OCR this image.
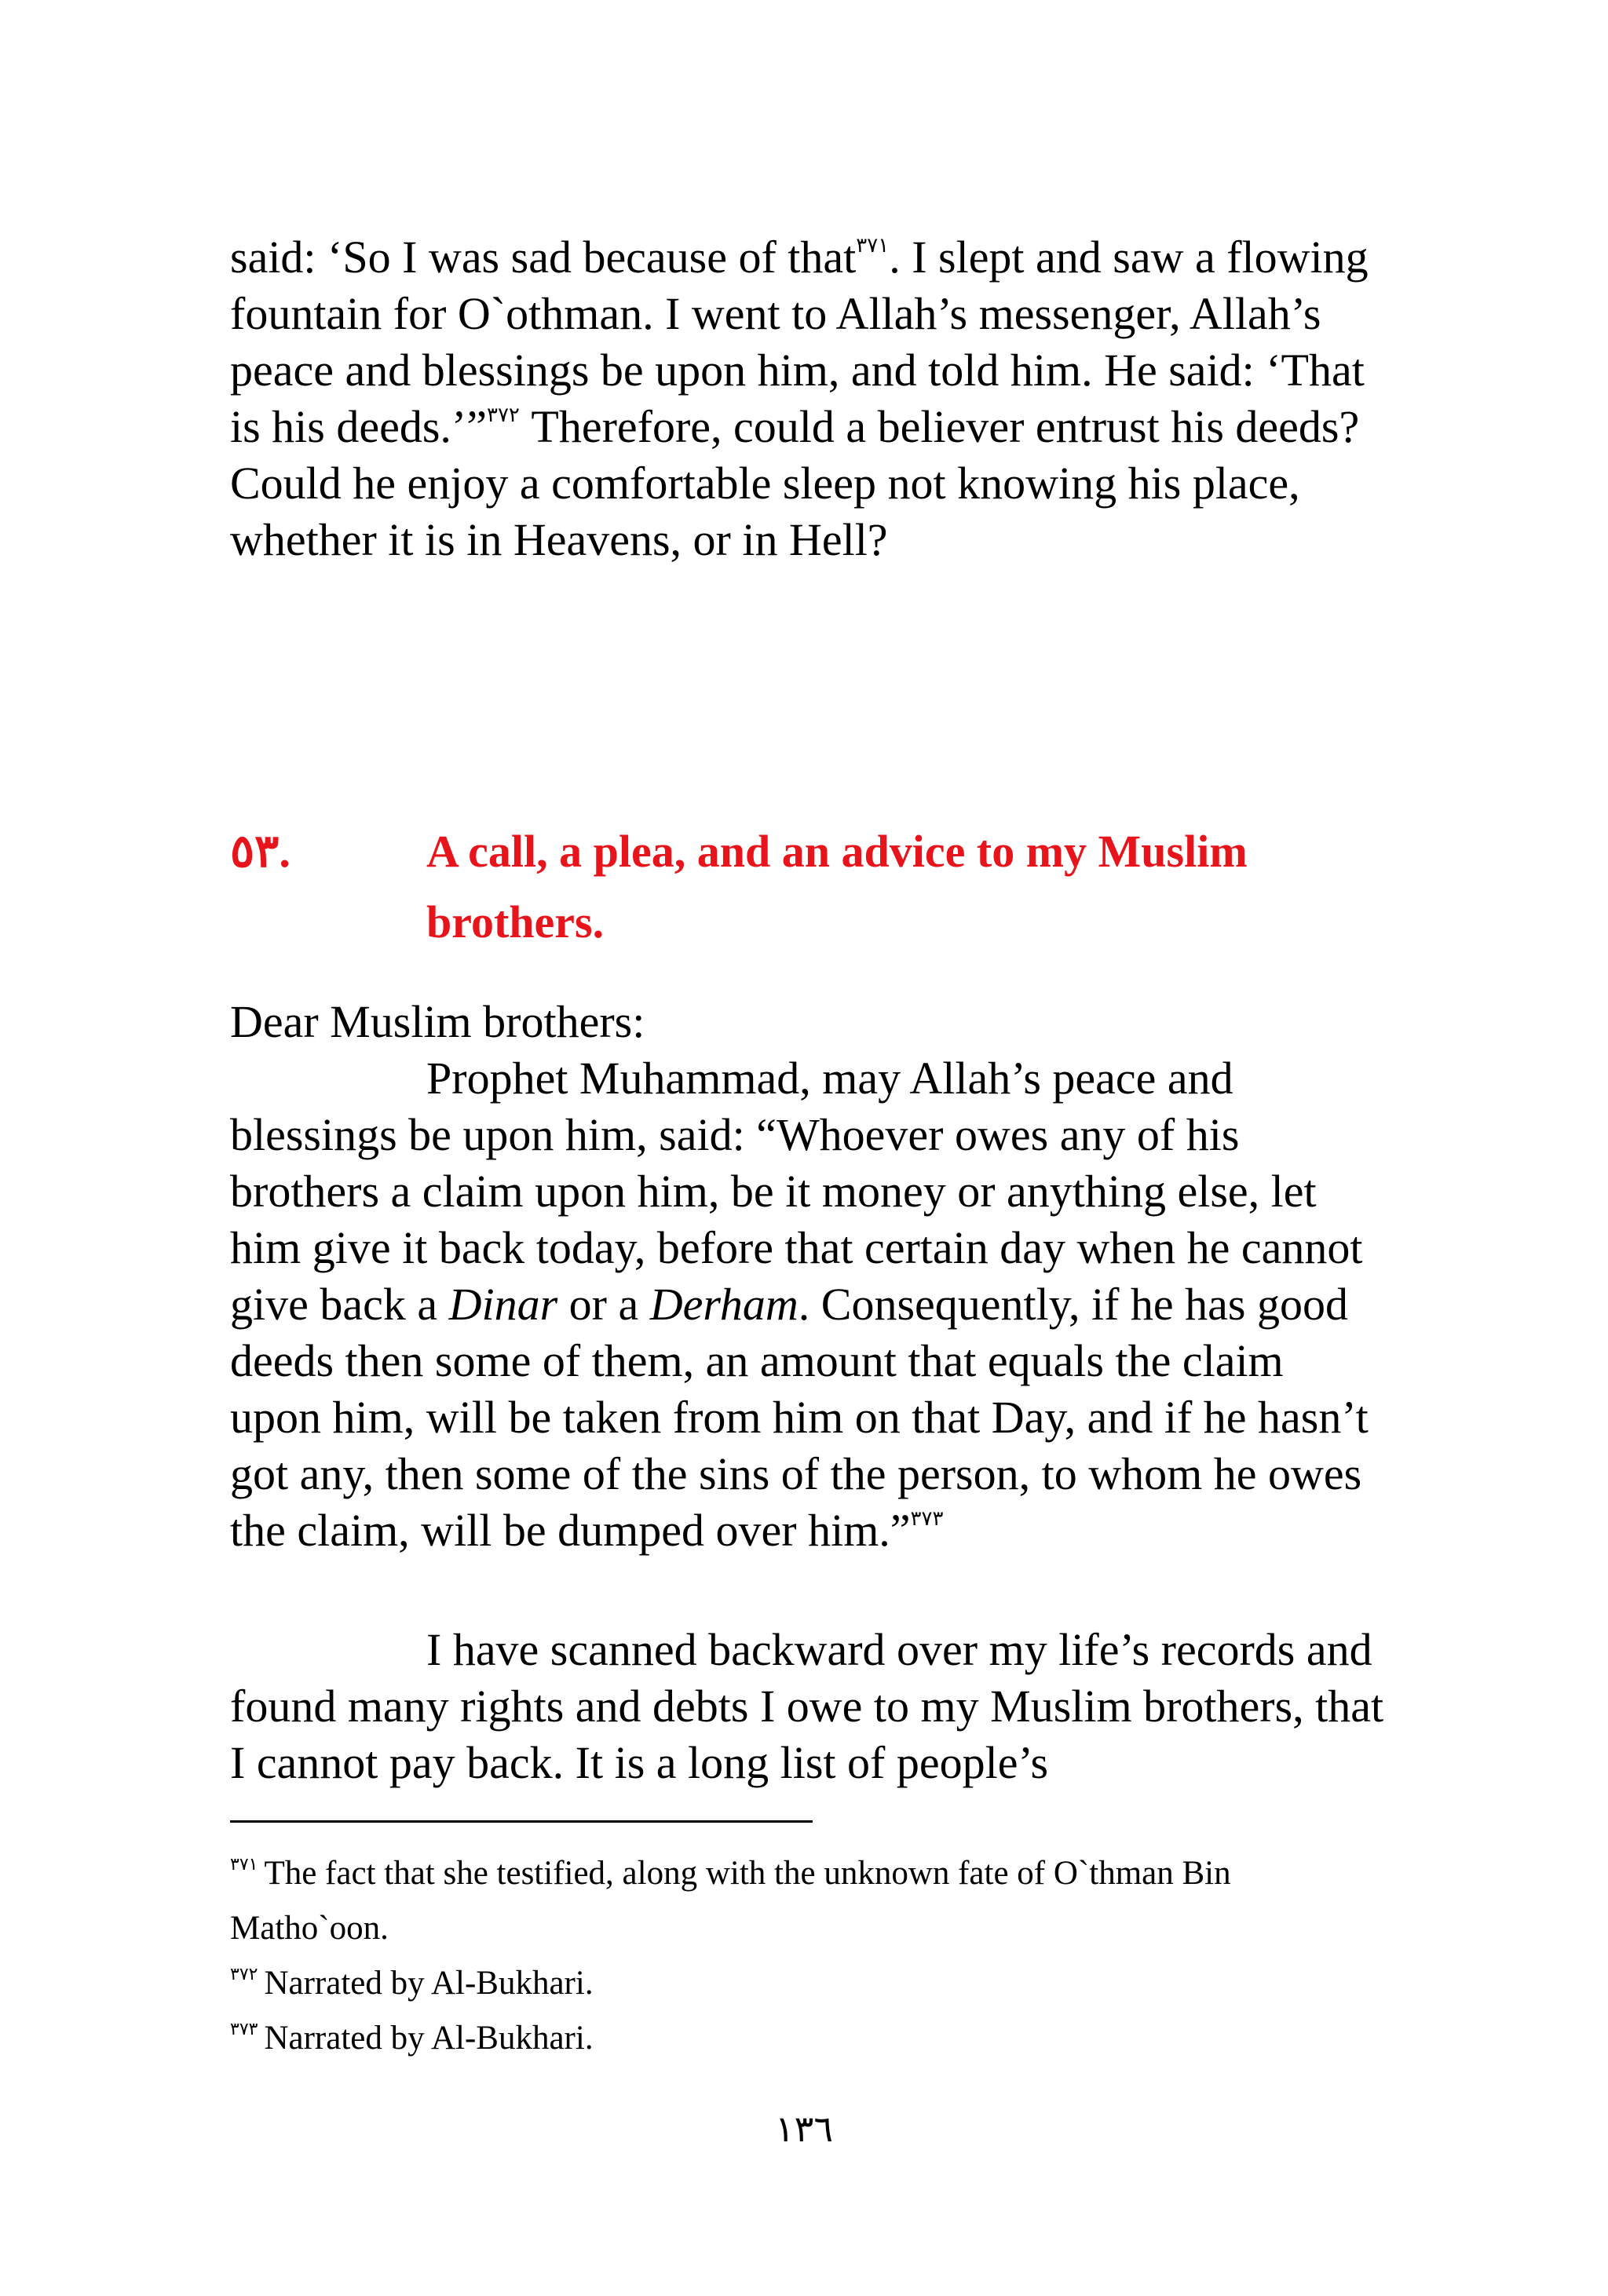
said: ‘So I was sad because of that$^{٣٧١}$. I slept and saw a flowing fountain for O`othman. I went to Allah’s messenger, Allah’s peace and blessings be upon him, and told him. He said: ‘That is his deeds.’”$^{٣٧٢}$ Therefore, could a believer entrust his deeds? Could he enjoy a comfortable sleep not knowing his place, whether it is in Heavens, or in Hell?
٥٣.	A call, a plea, and an advice to my Muslim brothers.
Dear Muslim brothers:
Prophet Muhammad, may Allah’s peace and blessings be upon him, said: “Whoever owes any of his brothers a claim upon him, be it money or anything else, let him give it back today, before that certain day when he cannot give back a Dinar or a Derham. Consequently, if he has good deeds then some of them, an amount that equals the claim upon him, will be taken from him on that Day, and if he hasn’t got any, then some of the sins of the person, to whom he owes the claim, will be dumped over him.”$^{٣٧٣}$
I have scanned backward over my life’s records and found many rights and debts I owe to my Muslim brothers, that I cannot pay back. It is a long list of people’s

$^{٣٧١}$ The fact that she testified, along with the unknown fate of O`thman Bin Matho`oon.

$^{٣٧٢}$ Narrated by Al-Bukhari.

$^{٣٧٣}$ Narrated by Al-Bukhari.

١٣٦
